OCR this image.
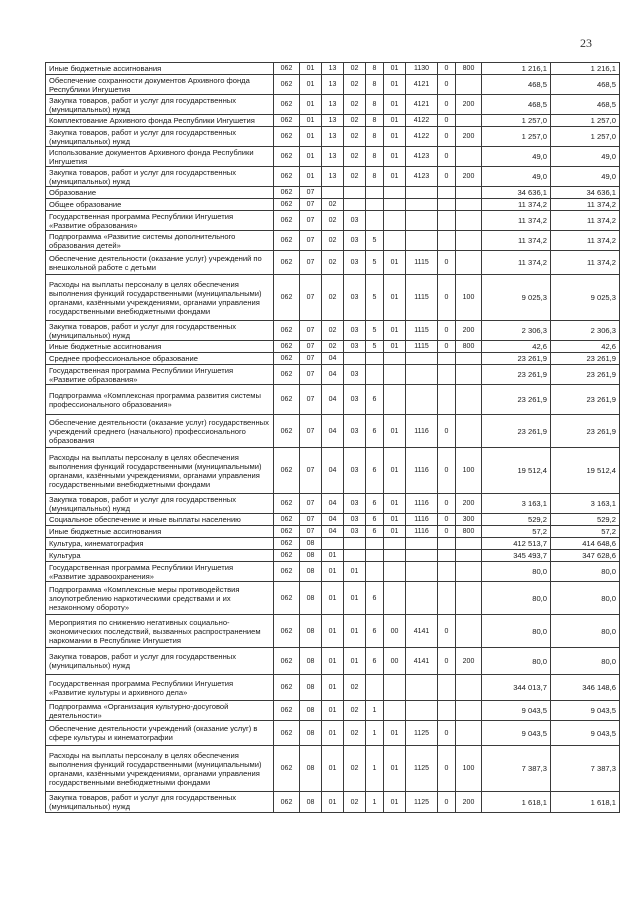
23
Иные бюджетные ассигнования	062	01	13	02	8	01	1130	0	800	1 216,1	1 216,1
Обеспечение сохранности документов Архивного фонда Республики Ингушетия	062	01	13	02	8	01	4121	0		468,5	468,5
Закупка товаров, работ и услуг для государственных (муниципальных) нужд	062	01	13	02	8	01	4121	0	200	468,5	468,5
Комплектование Архивного фонда Республики Ингушетия	062	01	13	02	8	01	4122	0		1 257,0	1 257,0
Закупка товаров, работ и услуг для государственных (муниципальных) нужд	062	01	13	02	8	01	4122	0	200	1 257,0	1 257,0
Использование документов Архивного фонда Республики Ингушетия	062	01	13	02	8	01	4123	0		49,0	49,0
Закупка товаров, работ и услуг для государственных (муниципальных) нужд	062	01	13	02	8	01	4123	0	200	49,0	49,0
Образование	062	07								34 636,1	34 636,1
Общее образование	062	07	02							11 374,2	11 374,2
Государственная программа Республики Ингушетия «Развитие образования»	062	07	02	03						11 374,2	11 374,2
Подпрограмма «Развитие системы дополнительного образования детей»	062	07	02	03	5					11 374,2	11 374,2
Обеспечение деятельности (оказание услуг) учреждений по внешкольной работе с детьми	062	07	02	03	5	01	1115	0		11 374,2	11 374,2
Расходы на выплаты персоналу в целях обеспечения выполнения функций государственными (муниципальными) органами, казёнными учреждениями, органами управления государственными внебюджетными фондами	062	07	02	03	5	01	1115	0	100	9 025,3	9 025,3
Закупка товаров, работ и услуг для государственных (муниципальных) нужд	062	07	02	03	5	01	1115	0	200	2 306,3	2 306,3
Иные бюджетные ассигнования	062	07	02	03	5	01	1115	0	800	42,6	42,6
Среднее профессиональное образование	062	07	04							23 261,9	23 261,9
Государственная программа Республики Ингушетия «Развитие образования»	062	07	04	03						23 261,9	23 261,9
Подпрограмма «Комплексная программа развития системы профессионального образования»	062	07	04	03	6					23 261,9	23 261,9
Обеспечение деятельности (оказание услуг) государственных учреждений среднего (начального) профессионального образования	062	07	04	03	6	01	1116	0		23 261,9	23 261,9
Расходы на выплаты персоналу в целях обеспечения выполнения функций государственными (муниципальными) органами, казёнными учреждениями, органами управления государственными внебюджетными фондами	062	07	04	03	6	01	1116	0	100	19 512,4	19 512,4
Закупка товаров, работ и услуг для государственных (муниципальных) нужд	062	07	04	03	6	01	1116	0	200	3 163,1	3 163,1
Социальное обеспечение и иные выплаты населению	062	07	04	03	6	01	1116	0	300	529,2	529,2
Иные бюджетные ассигнования	062	07	04	03	6	01	1116	0	800	57,2	57,2
Культура, кинематография	062	08								412 513,7	414 648,6
Культура	062	08	01							345 493,7	347 628,6
Государственная программа Республики Ингушетия «Развитие здравоохранения»	062	08	01	01						80,0	80,0
Подпрограмма «Комплексные меры противодействия злоупотреблению наркотическими средствами и их незаконному обороту»	062	08	01	01	6					80,0	80,0
Мероприятия по снижению негативных социально-экономических последствий, вызванных распространением наркомании в Республике Ингушетия	062	08	01	01	6	00	4141	0		80,0	80,0
Закупка товаров, работ и услуг для государственных (муниципальных) нужд	062	08	01	01	6	00	4141	0	200	80,0	80,0
Государственная программа Республики Ингушетия «Развитие культуры и архивного дела»	062	08	01	02						344 013,7	346 148,6
Подпрограмма «Организация культурно-досуговой деятельности»	062	08	01	02	1					9 043,5	9 043,5
Обеспечение деятельности учреждений (оказание услуг) в сфере культуры и кинематографии	062	08	01	02	1	01	1125	0		9 043,5	9 043,5
Расходы на выплаты персоналу в целях обеспечения выполнения функций государственными (муниципальными) органами, казёнными учреждениями, органами управления государственными внебюджетными фондами	062	08	01	02	1	01	1125	0	100	7 387,3	7 387,3
Закупка товаров, работ и услуг для государственных (муниципальных) нужд	062	08	01	02	1	01	1125	0	200	1 618,1	1 618,1
